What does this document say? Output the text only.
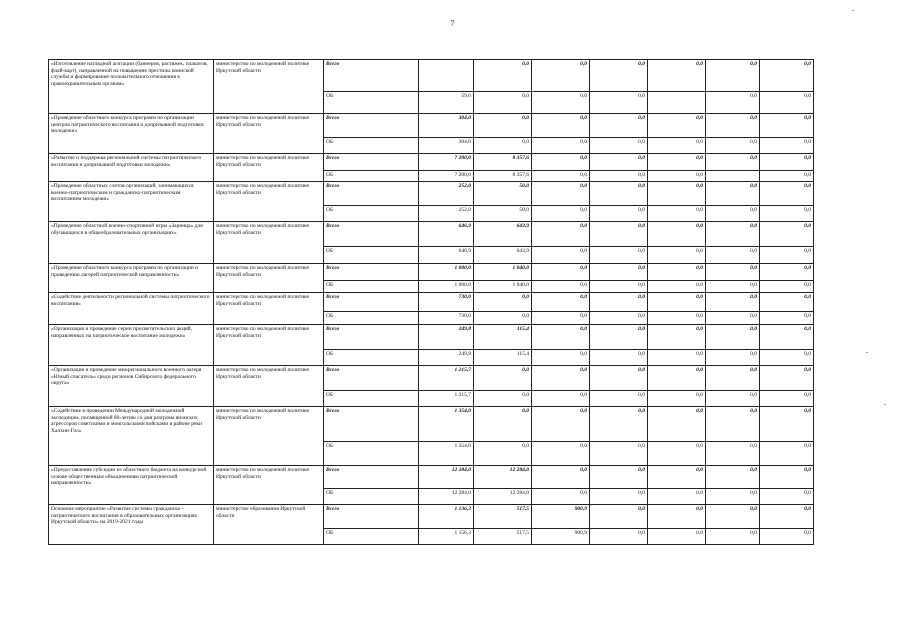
7
«Изготовление наглядной агитации (баннеров, растяжек, плакатов, флай-карт), направленной на повышение престижа воинской службы и формирование положительного отношения к правоохранительным органам»	министерство по молодежной политике Иркутской области	Всего		0,0	0,0	0,0	0,0	0,0	0,0
		ОБ	59,0	0,0	0,0	0,0		0,0	0,0
«Проведение областного конкурса программ по организации центров патриотического воспитания и допризывной подготовки молодежи»	министерство по молодежной политике Иркутской области	Всего	304,0	0,0	0,0	0,0	0,0	0,0	0,0
		ОБ	304,0	0,0	0,0	0,0	0,0	0,0	0,0
«Развитие и поддержка региональной системы патриотического воспитания и допризывной подготовки молодежи»	министерство по молодежной политике Иркутской области	Всего	7 200,0	8 357,6	0,0	0,0	0,0	0,0	0,0
		ОБ	7 200,0	8 357,6	0,0	0,0	0,0		0,0
«Проведение областных слетов организаций, занимающихся военно-патриотическим и гражданско-патриотическим воспитанием молодежи»	министерство по молодежной политике Иркутской области	Всего	252,0	50,0	0,0	0,0	0,0	0,0	0,0
		ОБ	252,0	50,0	0,0	0,0	0,0	0,0	0,0
«Проведение областной военно-спортивной игры «Зарница» для обучающихся в общеобразовательных организациях»	министерство по молодежной политике Иркутской области	Всего	646,9	643,9	0,0	0,0	0,0	0,0	0,0
		ОБ	646,9	643,9	0,0	0,0	0,0	0,0	0,0
«Проведение областного конкурса программ по организации и проведению лагерей патриотической направленности»	министерство по молодежной политике Иркутской области	Всего	1 000,0	1 040,0	0,0	0,0	0,0	0,0	0,0
		ОБ	1 000,0	1 040,0	0,0	0,0	0,0	0,0	0,0
«Содействие деятельности региональной системы патриотического воспитания»	министерство по молодежной политике Иркутской области	Всего	730,0	0,0	0,0	0,0	0,0	0,0	0,0
		ОБ	730,0	0,0	0,0	0,0	0,0	0,0	0,0
«Организация и проведение серии просветительских акций, направленных на патриотическое воспитание молодежи»	министерство по молодежной политике Иркутской области	Всего	249,8	115,4	0,0	0,0	0,0	0,0	0,0
		ОБ	249,8	115,4	0,0	0,0	0,0	0,0	0,0
«Организация и проведение межрегионального военного лагеря «Юный спасатель» среди регионов Сибирского федерального округа»	министерство по молодежной политике Иркутской области	Всего	1 215,7	0,0	0,0	0,0	0,0	0,0	0,0
		ОБ	1 215,7	0,0	0,0	0,0	0,0	0,0	0,0
«Содействие в проведении Международной молодежной экспедиции, посвященной 80-летию со дня разгрома японских агрессоров советскими и монгольскими войсками в районе реки Халхин-Гол»	министерство по молодежной политике Иркутской области	Всего	1 354,0	0,0	0,0	0,0	0,0	0,0	0,0
		ОБ	1 354,0	0,0	0,0	0,0	0,0	0,0	0,0
«Предоставление субсидии из областного бюджета на конкурсной основе общественным объединениям патриотической направленности»	министерство по молодежной политике Иркутской области	Всего	12 284,0	12 284,0	0,0	0,0	0,0	0,0	0,0
		ОБ	12 284,0	12 284,0	0,0	0,0	0,0	0,0	0,0
Основное мероприятие «Развитие системы гражданско - патриотического воспитания в образовательных организациях Иркутской области» на 2019-2021 годы	министерство образования Иркутской области	Всего	1 136,3	517,5	900,9	0,0	0,0	0,0	0,0
		ОБ	1 156,3	517,5	900,9	0,0	0,0	0,0	0,0
